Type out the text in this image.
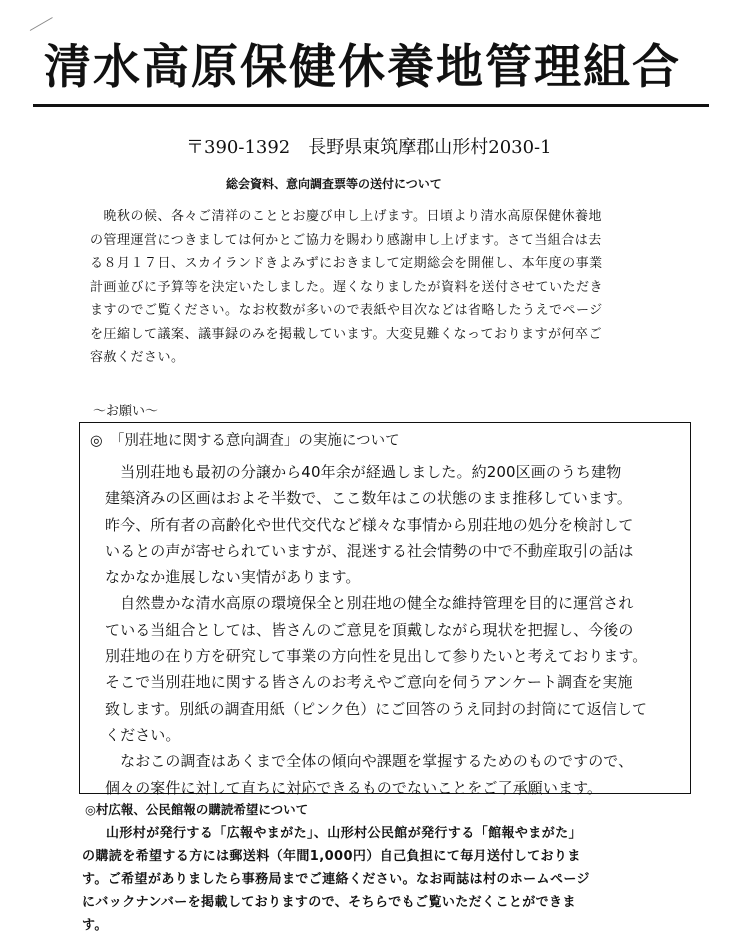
清水高原保健休養地管理組合
〒390-1392　長野県東筑摩郡山形村2030-1
総会資料、意向調査票等の送付について
　晩秋の候、各々ご清祥のこととお慶び申し上げます。日頃より清水高原保健休養地
の管理運営につきましては何かとご協力を賜わり感謝申し上げます。さて当組合は去
る８月１７日、スカイランドきよみずにおきまして定期総会を開催し、本年度の事業
計画並びに予算等を決定いたしました。遅くなりましたが資料を送付させていただき
ますのでご覧ください。なお枚数が多いので表紙や目次などは省略したうえでページ
を圧縮して議案、議事録のみを掲載しています。大変見難くなっておりますが何卒ご
容赦ください。
～お願い～
◎　「別荘地に関する意向調査」の実施について
　当別荘地も最初の分譲から40年余が経過しました。約200区画のうち建物
建築済みの区画はおよそ半数で、ここ数年はこの状態のまま推移しています。
昨今、所有者の高齢化や世代交代など様々な事情から別荘地の処分を検討して
いるとの声が寄せられていますが、混迷する社会情勢の中で不動産取引の話は
なかなか進展しない実情があります。
　自然豊かな清水高原の環境保全と別荘地の健全な維持管理を目的に運営され
ている当組合としては、皆さんのご意見を頂戴しながら現状を把握し、今後の
別荘地の在り方を研究して事業の方向性を見出して参りたいと考えております。
そこで当別荘地に関する皆さんのお考えやご意向を伺うアンケート調査を実施
致します。別紙の調査用紙（ピンク色）にご回答のうえ同封の封筒にて返信して
ください。
　なおこの調査はあくまで全体の傾向や課題を掌握するためのものですので、
個々の案件に対して直ちに対応できるものでないことをご了承願います。
◎村広報、公民館報の購読希望について
山形村が発行する「広報やまがた」、山形村公民館が発行する「館報やまがた」
の購読を希望する方には郵送料（年間1,000円）自己負担にて毎月送付しておりま
す。ご希望がありましたら事務局までご連絡ください。なお両誌は村のホームページ
にバックナンバーを掲載しておりますので、そちらでもご覧いただくことができま
す。
